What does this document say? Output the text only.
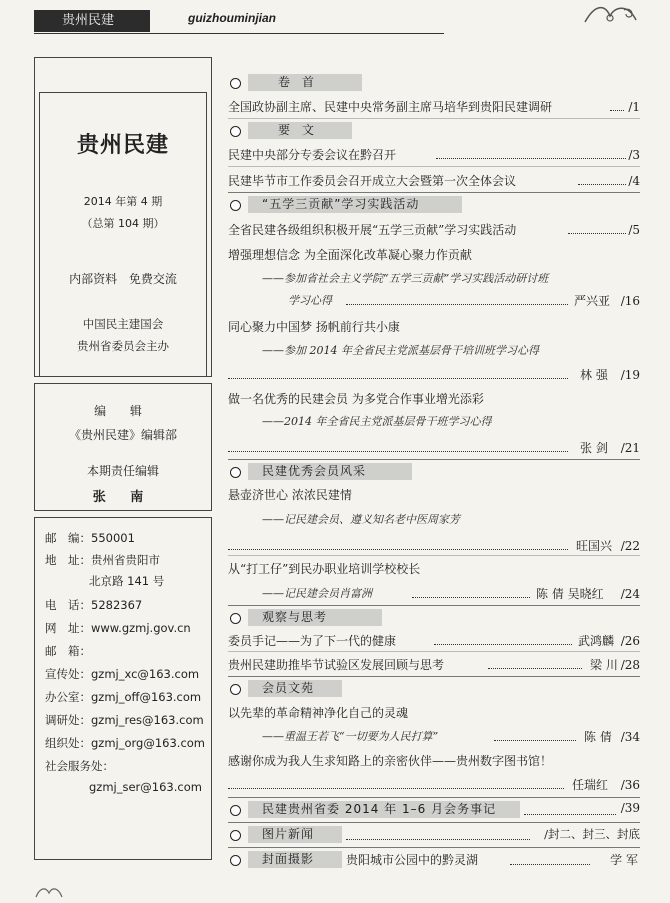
贵州民建	guizhouminjian
贵州民建
2014 年第 4 期
（总第 104 期）
内部资料 免费交流
中国民主建国会
贵州省委员会主办
编 辑
《贵州民建》编辑部
本期责任编辑
张 南
邮　编：550001
地　址：贵州省贵阳市
北京路 141 号
电　话：5282367
网　址：www.gzmj.gov.cn
邮　箱：
宣传处：gzmj_xc@163.com
办公室：gzmj_off@163.com
调研处：gzmj_res@163.com
组织处：gzmj_org@163.com
社会服务处：
gzmj_ser@163.com
卷首
全国政协副主席、民建中央常务副主席马培华到贵阳民建调研	/1
要文
民建中央部分专委会议在黔召开	/3
民建毕节市工作委员会召开成立大会暨第一次全体会议	/4
“五学三贡献”学习实践活动
全省民建各级组织积极开展“五学三贡献”学习实践活动	/5
增强理想信念 为全面深化改革凝心聚力作贡献
——参加省社会主义学院“五学三贡献”学习实践活动研讨班
学习心得	严兴亚 /16
同心聚力中国梦 扬帆前行共小康
——参加 2014 年全省民主党派基层骨干培训班学习心得
林 强 /19
做一名优秀的民建会员 为多党合作事业增光添彩
——2014 年全省民主党派基层骨干班学习心得
张 剑 /21
民建优秀会员风采
悬壶济世心 浓浓民建情
——记民建会员、遵义知名老中医周家芳
旺国兴 /22
从“打工仔”到民办职业培训学校校长
——记民建会员肖富洲	陈 倩 吴晓红 /24
观察与思考
委员手记——为了下一代的健康	武鸿麟 /26
贵州民建助推毕节试验区发展回顾与思考	梁 川 /28
会员文苑
以先辈的革命精神净化自己的灵魂
——重温王若飞“一切要为人民打算”	陈 倩 /34
感谢你成为我人生求知路上的亲密伙伴——贵州数字图书馆！
任瑞红 /36
民建贵州省委 2014 年 1–6 月会务事记	/39
图片新闻	/封二、封三、封底
封面摄影	贵阳城市公园中的黔灵湖	学 军
